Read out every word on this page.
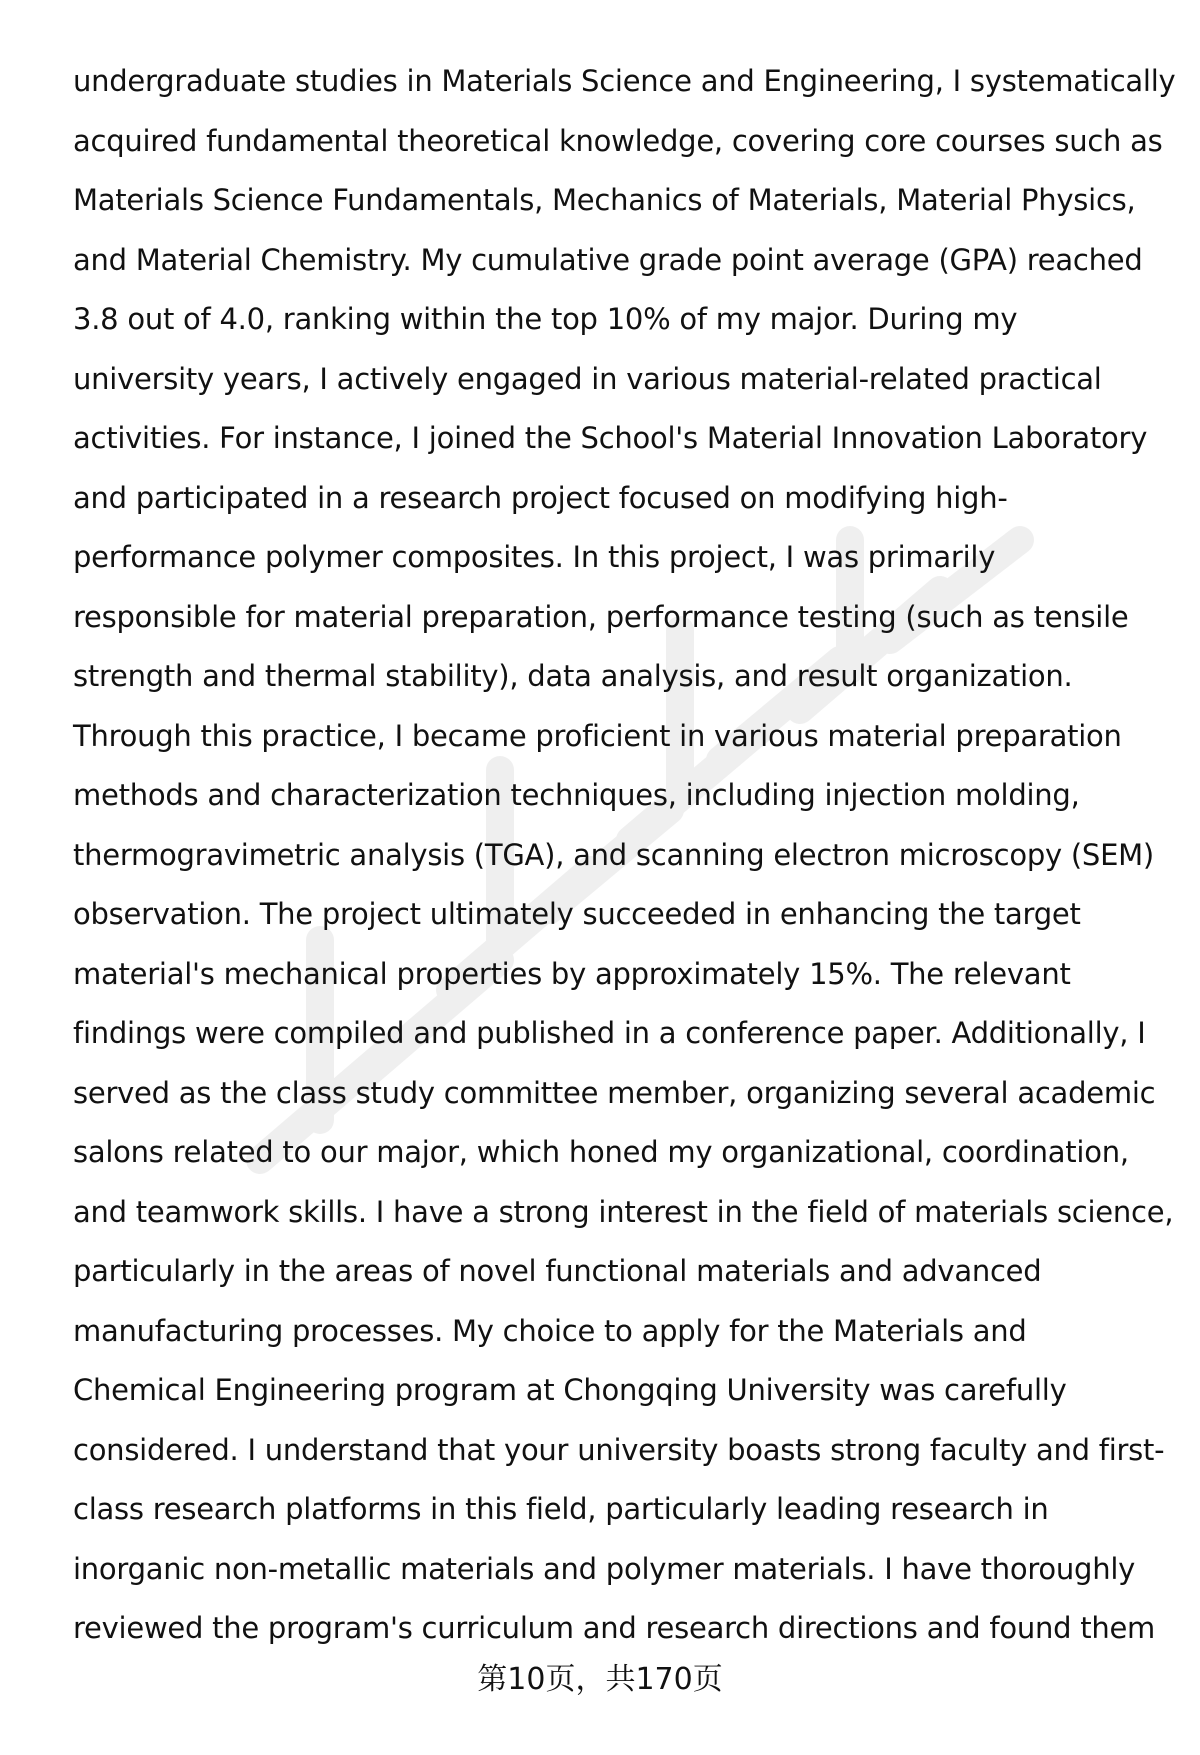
undergraduate studies in Materials Science and Engineering, I systematically
acquired fundamental theoretical knowledge, covering core courses such as
Materials Science Fundamentals, Mechanics of Materials, Material Physics,
and Material Chemistry. My cumulative grade point average (GPA) reached
3.8 out of 4.0, ranking within the top 10% of my major. During my
university years, I actively engaged in various material-related practical
activities. For instance, I joined the School's Material Innovation Laboratory
and participated in a research project focused on modifying high-
performance polymer composites. In this project, I was primarily
responsible for material preparation, performance testing (such as tensile
strength and thermal stability), data analysis, and result organization.
Through this practice, I became proficient in various material preparation
methods and characterization techniques, including injection molding,
thermogravimetric analysis (TGA), and scanning electron microscopy (SEM)
observation. The project ultimately succeeded in enhancing the target
material's mechanical properties by approximately 15%. The relevant
findings were compiled and published in a conference paper. Additionally, I
served as the class study committee member, organizing several academic
salons related to our major, which honed my organizational, coordination,
and teamwork skills. I have a strong interest in the field of materials science,
particularly in the areas of novel functional materials and advanced
manufacturing processes. My choice to apply for the Materials and
Chemical Engineering program at Chongqing University was carefully
considered. I understand that your university boasts strong faculty and first-
class research platforms in this field, particularly leading research in
inorganic non-metallic materials and polymer materials. I have thoroughly
reviewed the program's curriculum and research directions and found them
第10页，共170页
